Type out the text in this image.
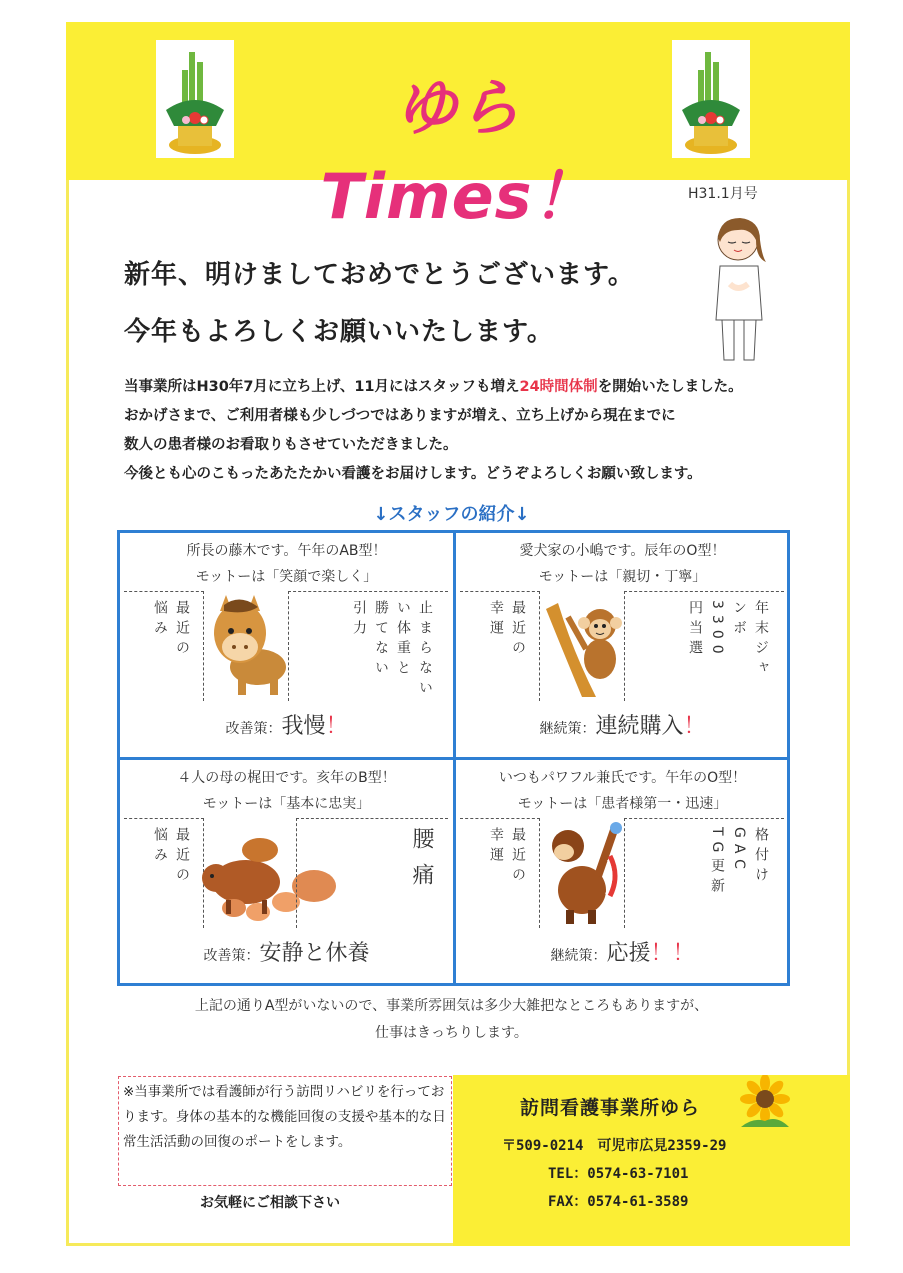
ゆらTimes！	H31.1月号
新年、明けましておめでとうございます。
今年もよろしくお願いいたします。
当事業所はH30年7月に立ち上げ、11月にはスタッフも増え24時間体制を開始いたしました。
おかげさまで、ご利用者様も少しづつではありますが増え、立ち上げから現在までに
数人の患者様のお看取りもさせていただきました。
今後とも心のこもったあたたかい看護をお届けします。どうぞよろしくお願い致します。
↓スタッフの紹介↓
所長の藤木です。午年のAB型！
モットーは「笑顔で楽しく」
最近の
悩み	止まらない
い体重と
勝てない
引力
改善策：我慢！
愛犬家の小嶋です。辰年のO型！
モットーは「親切・丁寧」
最近の
幸運	年末ジャ
ンボ
3300
円当選
継続策：連続購入！
４人の母の梶田です。亥年のB型！
モットーは「基本に忠実」
最近の
悩み	腰痛
改善策：安静と休養
いつもパワフル兼氏です。午年のO型！
モットーは「患者様第一・迅速」
最近の
幸運	格付け
GAC
TG更新
継続策：応援！！
上記の通りA型がいないので、事業所雰囲気は多少大雑把なところもありますが、
仕事はきっちりします。
※当事業所では看護師が行う訪問リハビリを行っております。身体の基本的な機能回復の支援や基本的な日常生活活動の回復のポートをします。
お気軽にご相談下さい
訪問看護事業所ゆら
〒509-0214　可児市広見2359-29
TEL：0574-63-7101
FAX：0574-61-3589
